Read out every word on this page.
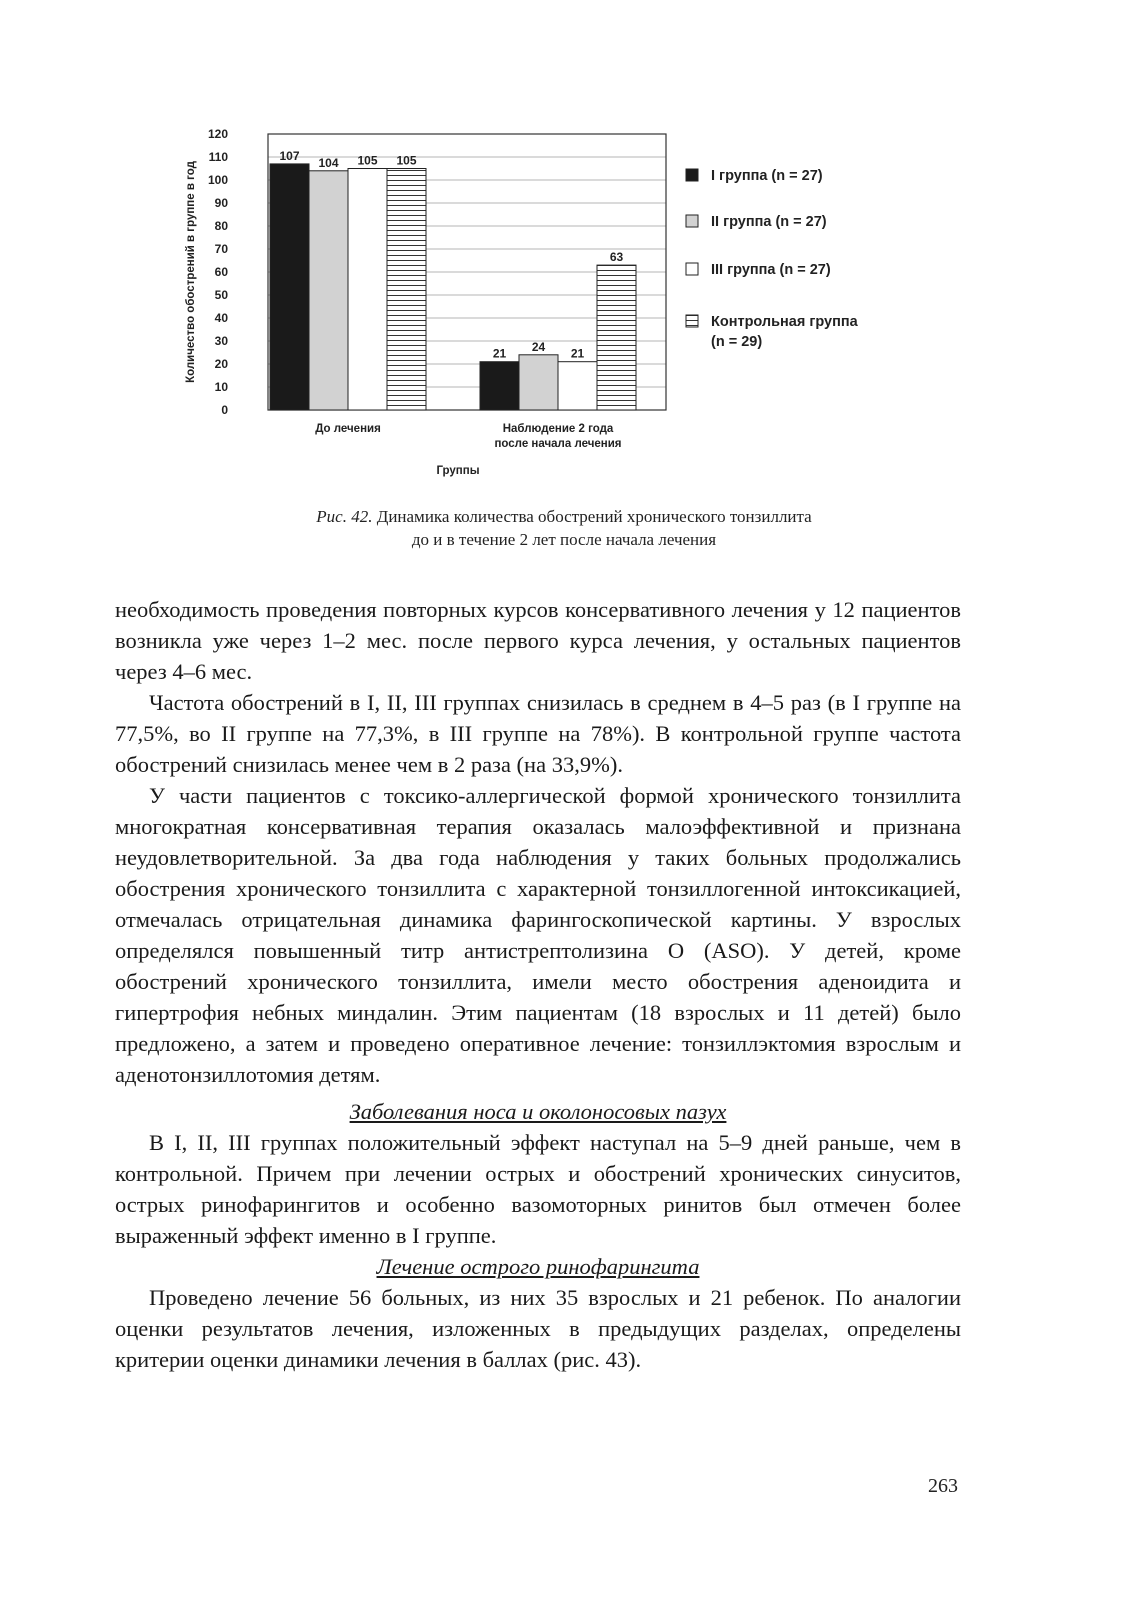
0
10
20
30
40
50
60
70
80
90
100
110
120
Количество обострений в группе в год
107 104 105 105
До лечения
21 24 21
63
Наблюдение 2 года
после начала лечения
Группы
I группа (n = 27)
II группа (n = 27)
III группа (n = 27)
Контрольная группа
(n = 29)
Рис. 42. Динамика количества обострений хронического тонзиллита
до и в течение 2 лет после начала лечения

необходимость проведения повторных курсов консервативного лечения у 12 пациентов возникла уже через 1–2 мес. после первого курса лечения, у остальных пациентов через 4–6 мес.

Частота обострений в I, II, III группах снизилась в среднем в 4–5 раз (в I группе на 77,5%, во II группе на 77,3%, в III группе на 78%). В контрольной группе частота обострений снизилась менее чем в 2 раза (на 33,9%).

У части пациентов с токсико-аллергической формой хронического тонзиллита многократная консервативная терапия оказалась малоэффективной и признана неудовлетворительной. За два года наблюдения у таких больных продолжались обострения хронического тонзиллита с характерной тонзиллогенной интоксикацией, отмечалась отрицательная динамика фарингоскопической картины. У взрослых определялся повышенный титр антистрептолизина О (ASO). У детей, кроме обострений хронического тонзиллита, имели место обострения аденоидита и гипертрофия небных миндалин. Этим пациентам (18 взрослых и 11 детей) было предложено, а затем и проведено оперативное лечение: тонзиллэктомия взрослым и аденотонзиллотомия детям.

Заболевания носа и околоносовых пазух

В I, II, III группах положительный эффект наступал на 5–9 дней раньше, чем в контрольной. Причем при лечении острых и обострений хронических синуситов, острых ринофарингитов и особенно вазомоторных ринитов был отмечен более выраженный эффект именно в I группе.

Лечение острого ринофарингита

Проведено лечение 56 больных, из них 35 взрослых и 21 ребенок. По аналогии оценки результатов лечения, изложенных в предыдущих разделах, определены критерии оценки динамики лечения в баллах (рис. 43).

263
